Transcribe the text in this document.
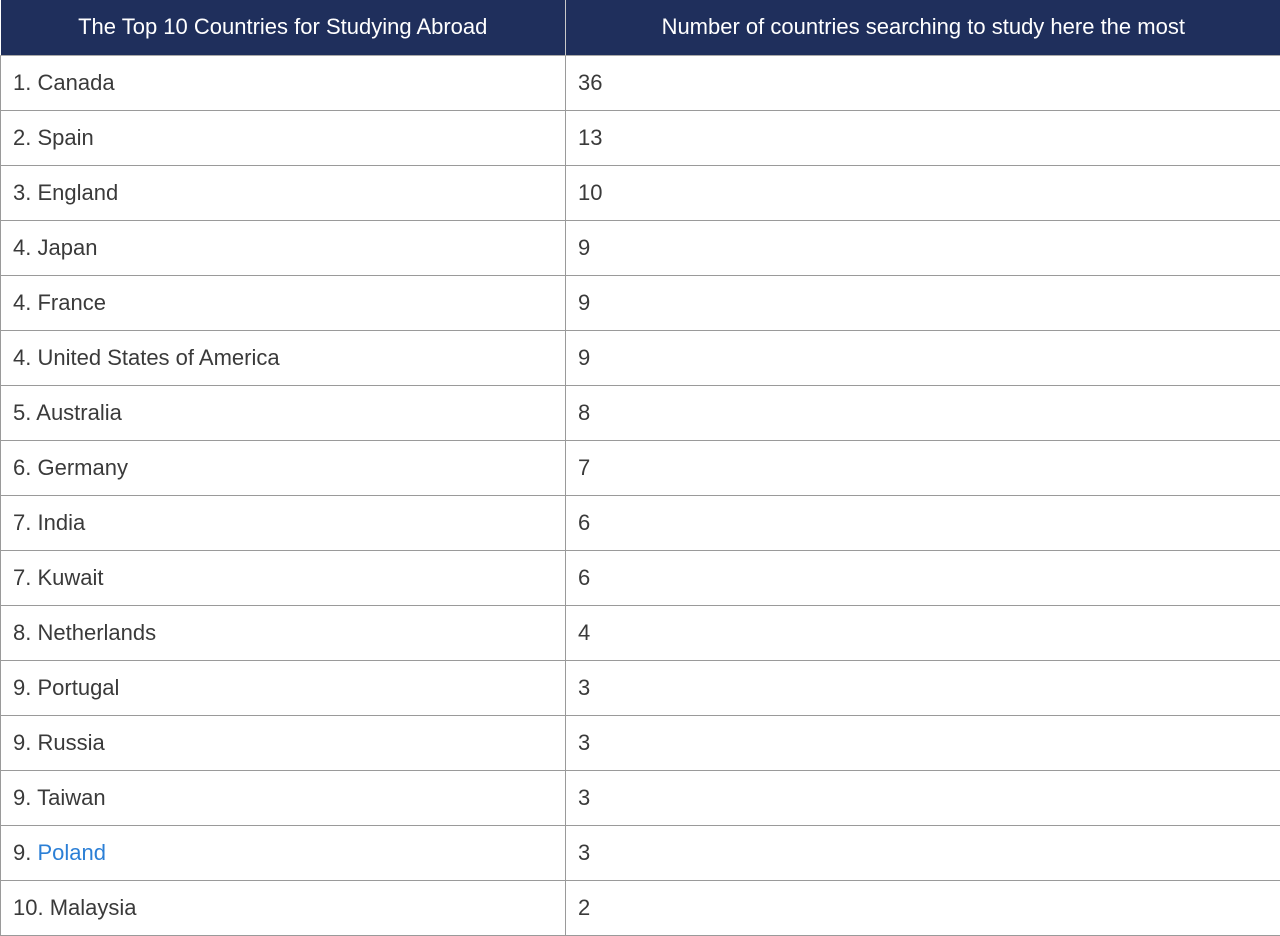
The Top 10 Countries for Studying Abroad	Number of countries searching to study here the most
1. Canada	36
2. Spain	13
3. England	10
4. Japan	9
4. France	9
4. United States of America	9
5. Australia	8
6. Germany	7
7. India	6
7. Kuwait	6
8. Netherlands	4
9. Portugal	3
9. Russia	3
9. Taiwan	3
9. Poland	3
10. Malaysia	2
